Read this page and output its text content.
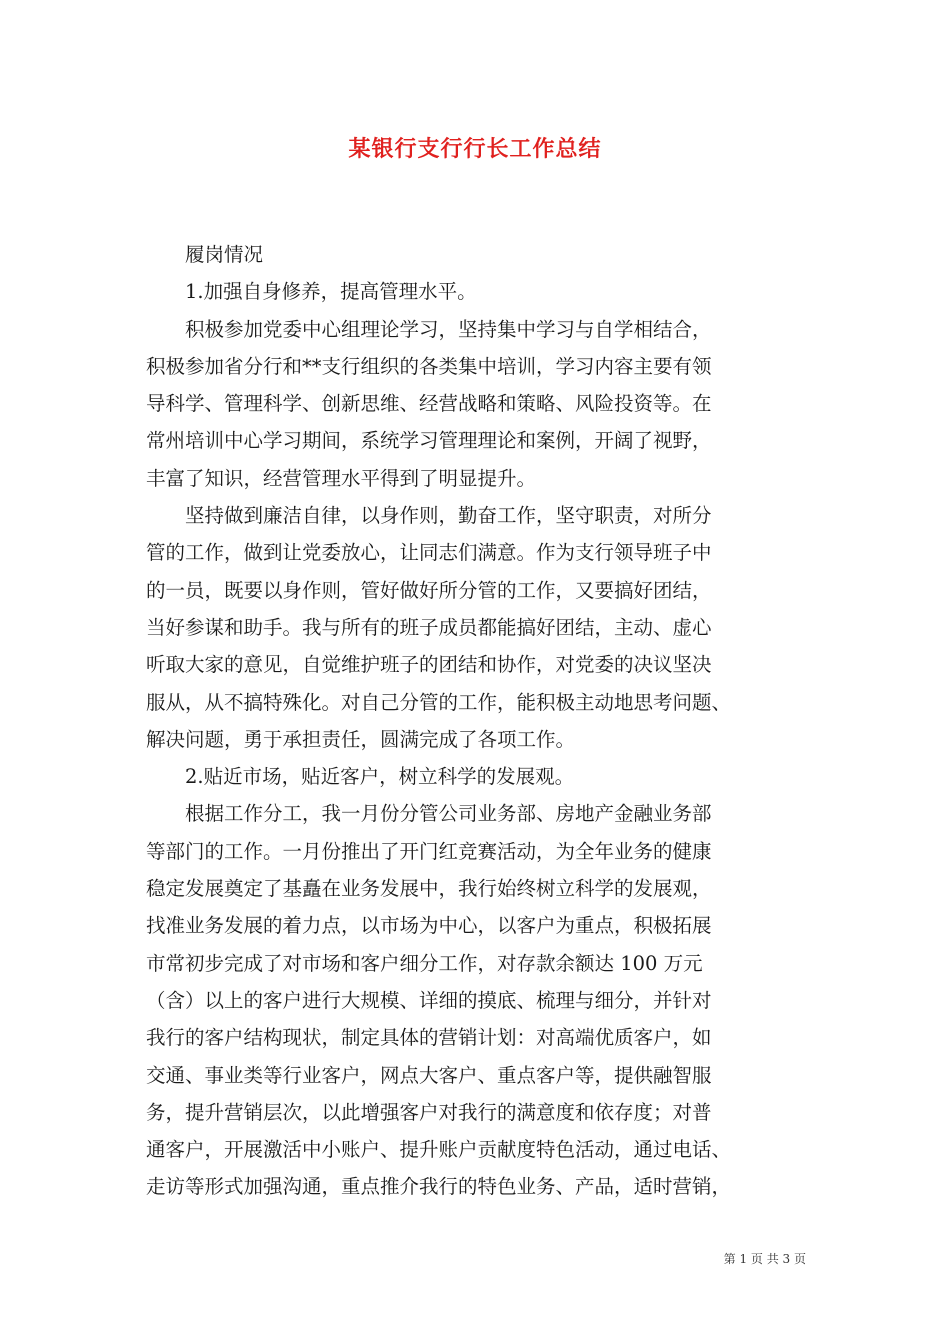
某银行支行行长工作总结
　　履岗情况
　　1.加强自身修养，提高管理水平。
　　积极参加党委中心组理论学习，坚持集中学习与自学相结合，
积极参加省分行和**支行组织的各类集中培训，学习内容主要有领
导科学、管理科学、创新思维、经营战略和策略、风险投资等。在
常州培训中心学习期间，系统学习管理理论和案例，开阔了视野，
丰富了知识，经营管理水平得到了明显提升。
　　坚持做到廉洁自律，以身作则，勤奋工作，坚守职责，对所分
管的工作，做到让党委放心，让同志们满意。作为支行领导班子中
的一员，既要以身作则，管好做好所分管的工作，又要搞好团结，
当好参谋和助手。我与所有的班子成员都能搞好团结，主动、虚心
听取大家的意见，自觉维护班子的团结和协作，对党委的决议坚决
服从，从不搞特殊化。对自己分管的工作，能积极主动地思考问题、
解决问题，勇于承担责任，圆满完成了各项工作。
　　2.贴近市场，贴近客户，树立科学的发展观。
　　根据工作分工，我一月份分管公司业务部、房地产金融业务部
等部门的工作。一月份推出了开门红竞赛活动，为全年业务的健康
稳定发展奠定了基矗在业务发展中，我行始终树立科学的发展观，
找准业务发展的着力点，以市场为中心，以客户为重点，积极拓展
市常初步完成了对市场和客户细分工作，对存款余额达 100 万元
（含）以上的客户进行大规模、详细的摸底、梳理与细分，并针对
我行的客户结构现状，制定具体的营销计划：对高端优质客户，如
交通、事业类等行业客户，网点大客户、重点客户等，提供融智服
务，提升营销层次，以此增强客户对我行的满意度和依存度；对普
通客户，开展激活中小账户、提升账户贡献度特色活动，通过电话、
走访等形式加强沟通，重点推介我行的特色业务、产品，适时营销，
第 1 页 共 3 页
